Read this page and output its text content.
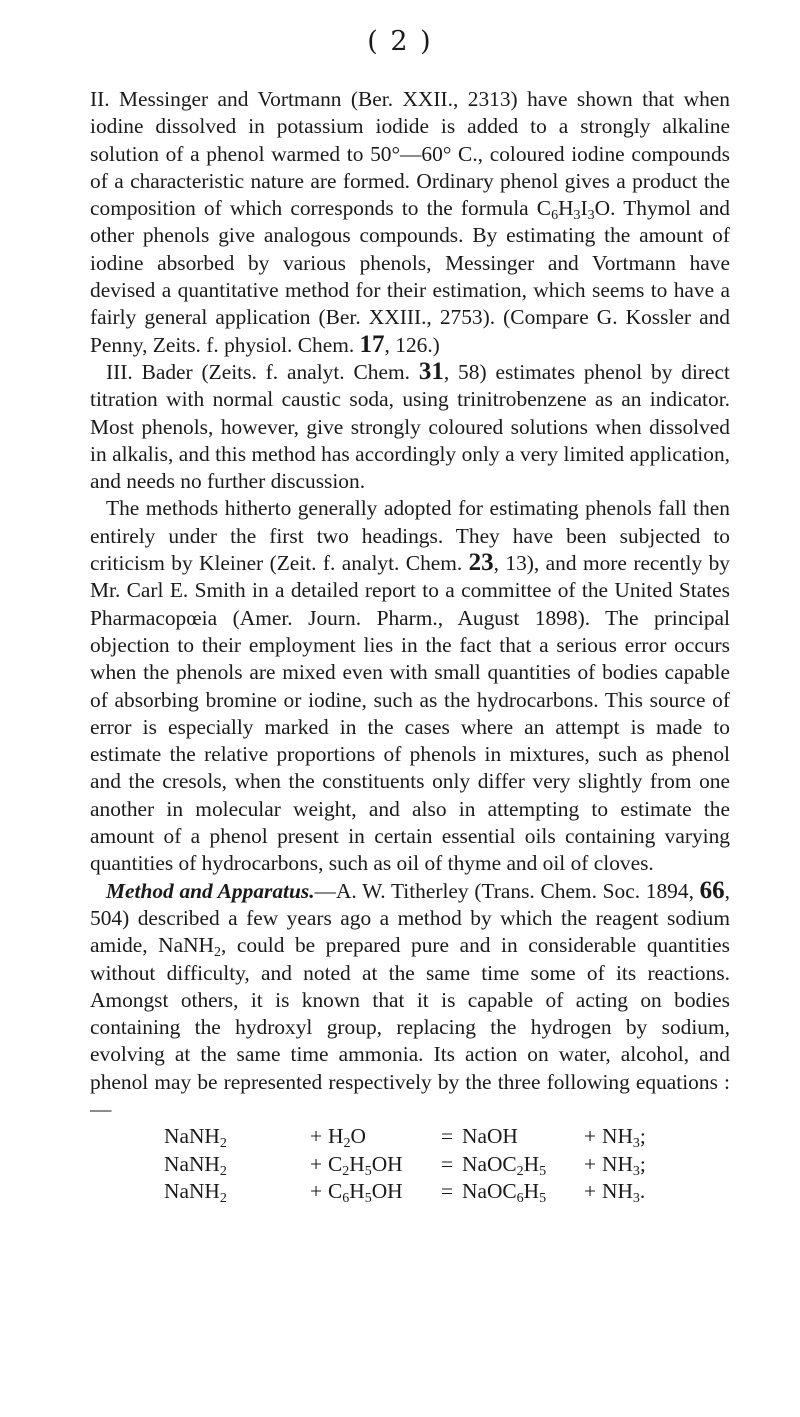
( 2 )

II. Messinger and Vortmann (Ber. XXII., 2313) have shown that when iodine dissolved in potassium iodide is added to a strongly alkaline solution of a phenol warmed to 50°—60° C., coloured iodine compounds of a characteristic nature are formed. Ordinary phenol gives a product the composition of which corresponds to the formula $C_6H_3I_3O$. Thymol and other phenols give analogous compounds. By estimating the amount of iodine absorbed by various phenols, Messinger and Vortmann have devised a quantitative method for their estimation, which seems to have a fairly general application (Ber. XXIII., 2753). (Compare G. Kossler and Penny, Zeits. f. physiol. Chem. 17, 126.)

III. Bader (Zeits. f. analyt. Chem. 31, 58) estimates phenol by direct titration with normal caustic soda, using trinitrobenzene as an indicator. Most phenols, however, give strongly coloured solutions when dissolved in alkalis, and this method has accordingly only a very limited application, and needs no further discussion.

The methods hitherto generally adopted for estimating phenols fall then entirely under the first two headings. They have been subjected to criticism by Kleiner (Zeit. f. analyt. Chem. 23, 13), and more recently by Mr. Carl E. Smith in a detailed report to a committee of the United States Pharmacopœia (Amer. Journ. Pharm., August 1898). The principal objection to their employment lies in the fact that a serious error occurs when the phenols are mixed even with small quantities of bodies capable of absorbing bromine or iodine, such as the hydrocarbons. This source of error is especially marked in the cases where an attempt is made to estimate the relative proportions of phenols in mixtures, such as phenol and the cresols, when the constituents only differ very slightly from one another in molecular weight, and also in attempting to estimate the amount of a phenol present in certain essential oils containing varying quantities of hydrocarbons, such as oil of thyme and oil of cloves.

Method and Apparatus.—A. W. Titherley (Trans. Chem. Soc. 1894, 66, 504) described a few years ago a method by which the reagent sodium amide, NaNH$_2$, could be prepared pure and in considerable quantities without difficulty, and noted at the same time some of its reactions. Amongst others, it is known that it is capable of acting on bodies containing the hydroxyl group, replacing the hydrogen by sodium, evolving at the same time ammonia. Its action on water, alcohol, and phenol may be represented respectively by the three following equations :—

NaNH$_2$	+ $H_2O$	= NaOH	+ $NH_3$;
NaNH$_2$	+ $C_2H_5OH$	= $NaOC_2H_5$	+ $NH_3$;
NaNH$_2$	+ $C_6H_5OH$	= $NaOC_6H_5$	+ $NH_3$.
